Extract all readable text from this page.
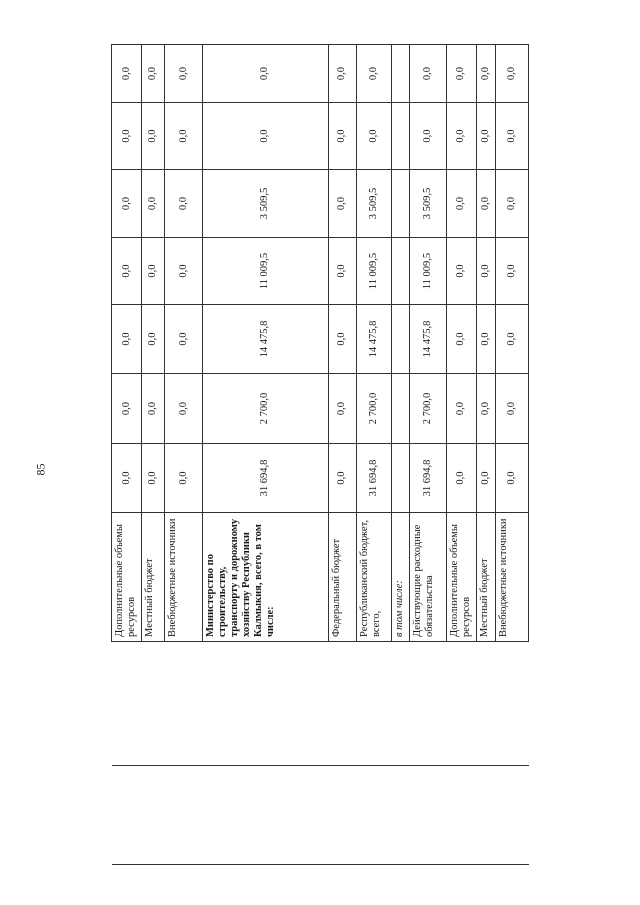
85
		Дополнительные объемы ресурсов	0,0	0,0	0,0	0,0	0,0	0,0	0,0
		Местный бюджет	0,0	0,0	0,0	0,0	0,0	0,0	0,0
		Внебюджетные источники	0,0	0,0	0,0	0,0	0,0	0,0	0,0
		Министерство по строительству, транспорту и дорожному хозяйству Республики Калмыкия, всего, в том числе:	31 694,8	2 700,0	14 475,8	11 009,5	3 509,5	0,0	0,0
		Федеральный бюджет	0,0	0,0	0,0	0,0	0,0	0,0	0,0
		Республиканский бюджет, всего,	31 694,8	2 700,0	14 475,8	11 009,5	3 509,5	0,0	0,0
		в том числе:							
		Действующие расходные обязательства	31 694,8	2 700,0	14 475,8	11 009,5	3 509,5	0,0	0,0
		Дополнительные объемы ресурсов	0,0	0,0	0,0	0,0	0,0	0,0	0,0
		Местный бюджет	0,0	0,0	0,0	0,0	0,0	0,0	0,0
		Внебюджетные источники	0,0	0,0	0,0	0,0	0,0	0,0	0,0
